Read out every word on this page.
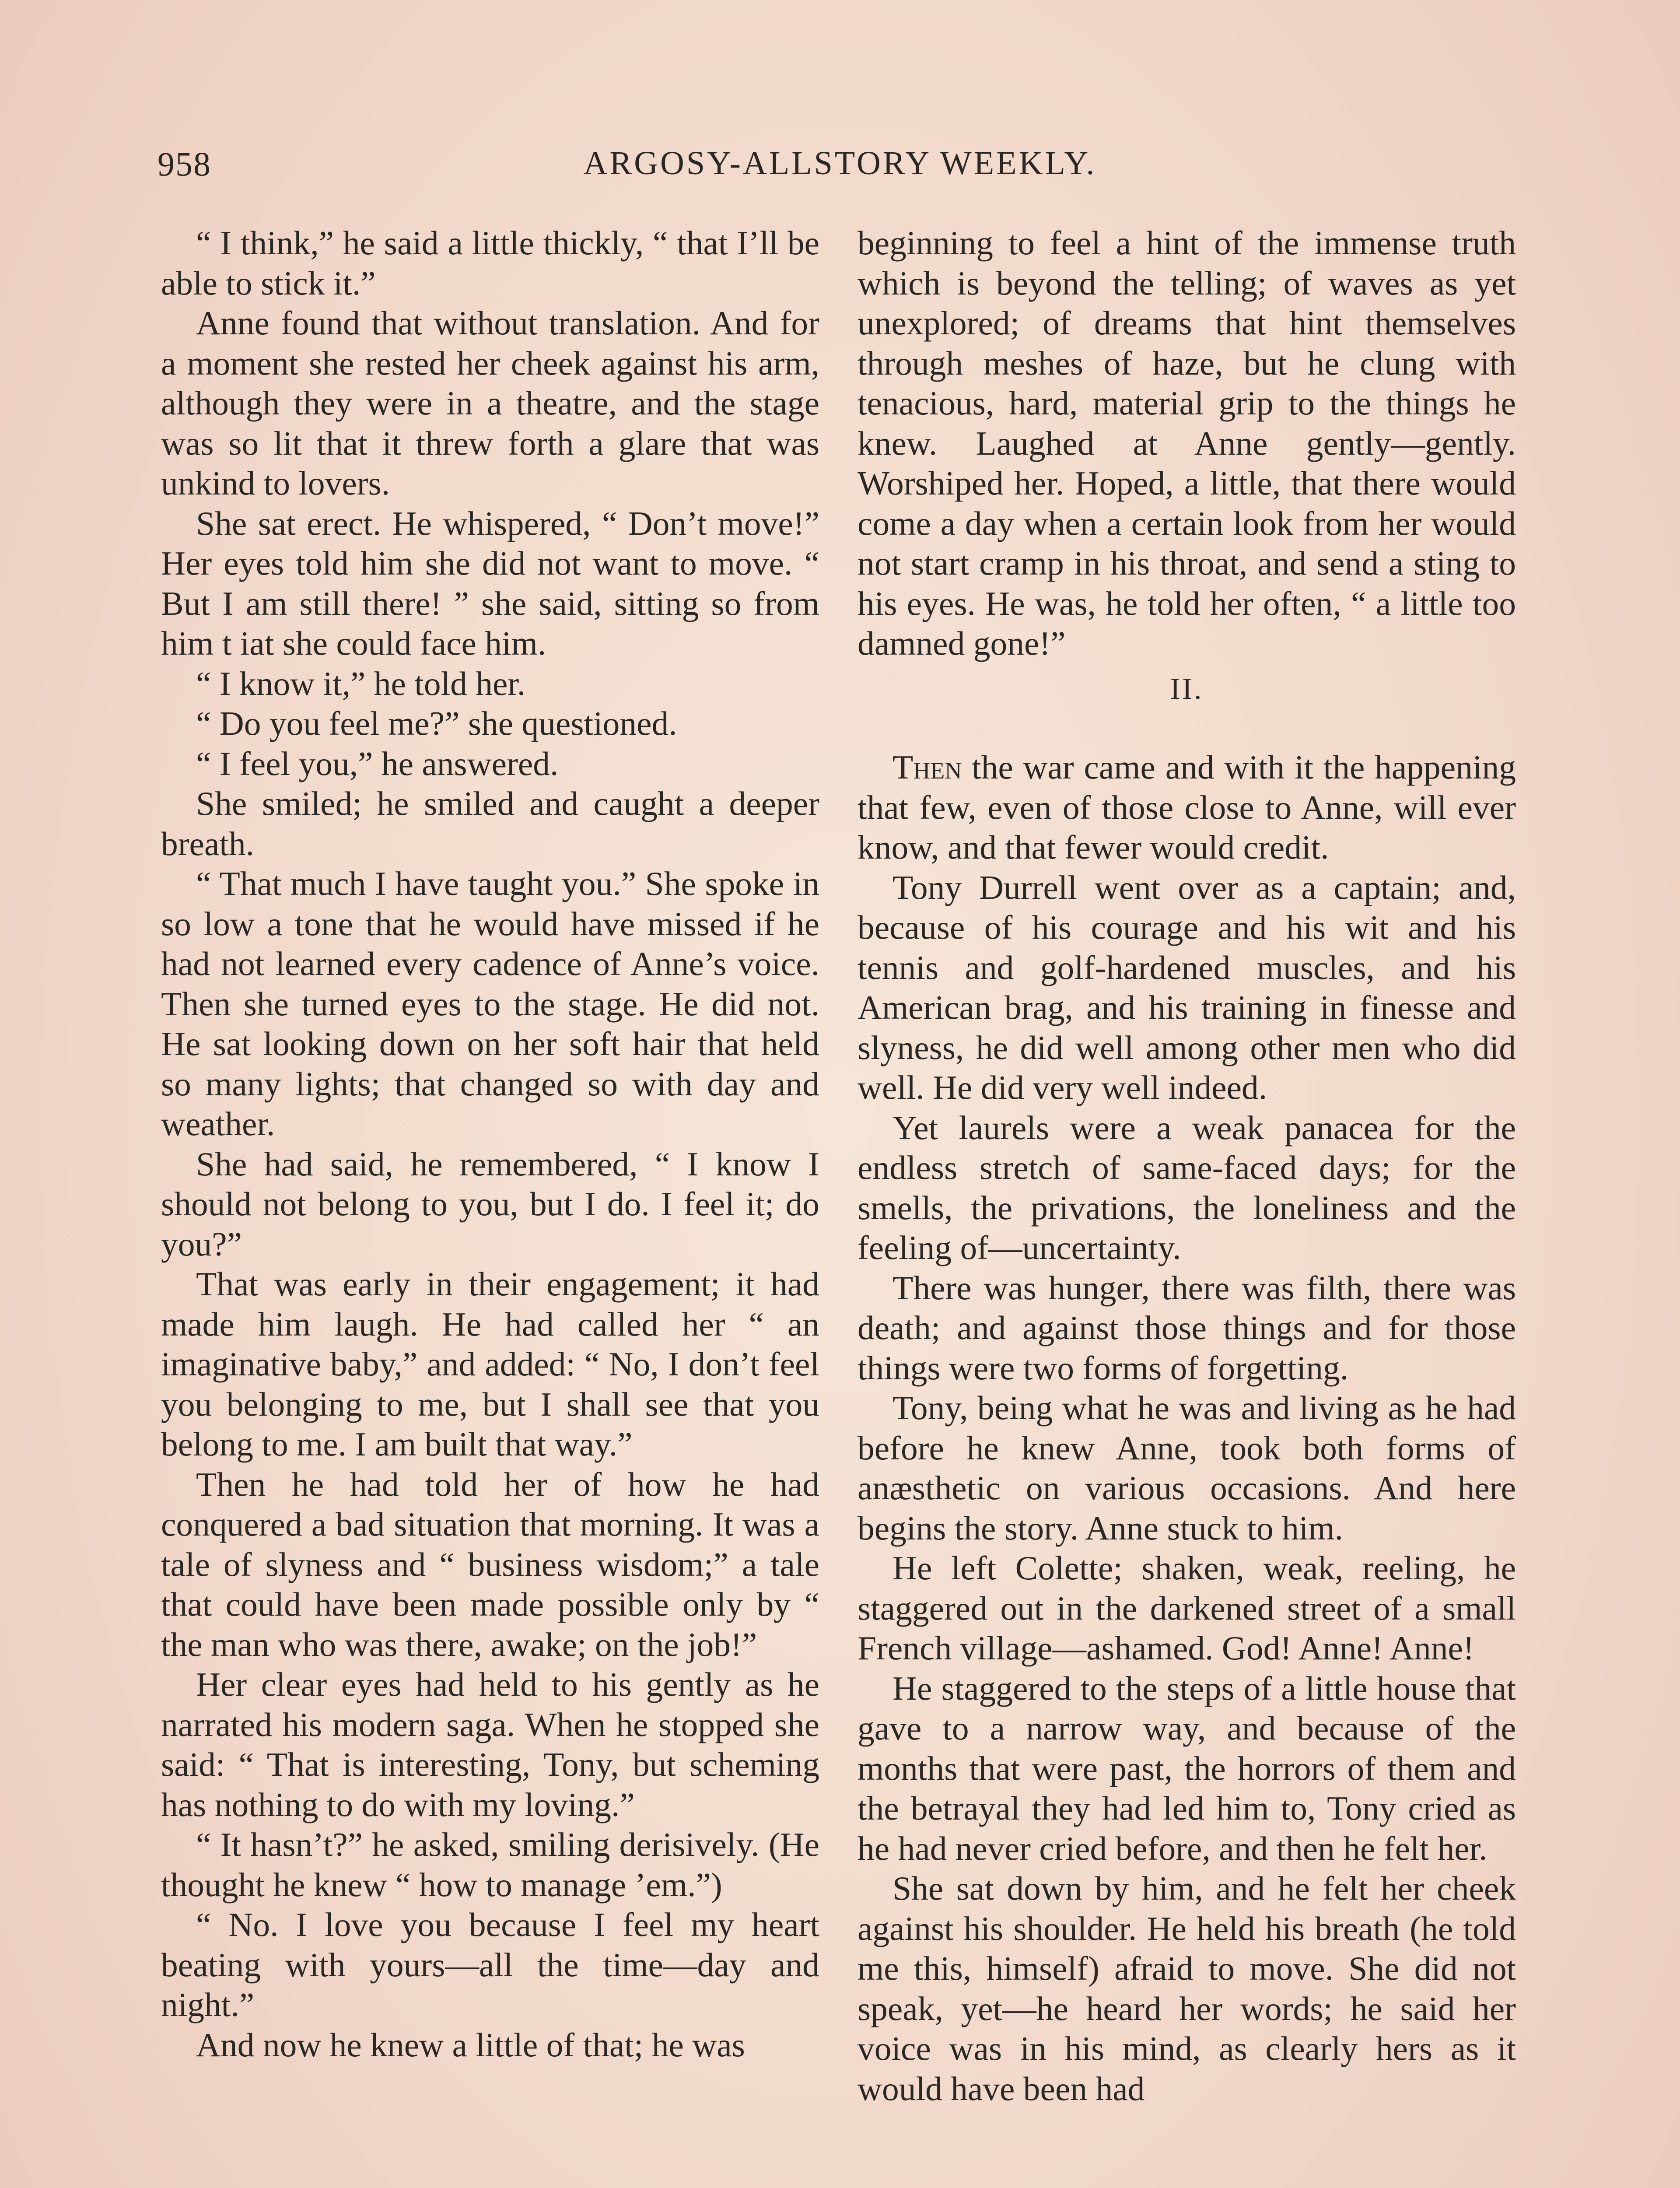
958	ARGOSY-ALLSTORY WEEKLY.

“ I think,” he said a little thickly, “ that I’ll be able to stick it.”

Anne found that without translation. And for a moment she rested her cheek against his arm, although they were in a theatre, and the stage was so lit that it threw forth a glare that was unkind to lovers.

She sat erect. He whispered, “ Don’t move!” Her eyes told him she did not want to move. “ But I am still there! ” she said, sitting so from him t iat she could face him.

“ I know it,” he told her.

“ Do you feel me?” she questioned.

“ I feel you,” he answered.

She smiled; he smiled and caught a deeper breath.

“ That much I have taught you.” She spoke in so low a tone that he would have missed if he had not learned every cadence of Anne’s voice. Then she turned eyes to the stage. He did not. He sat looking down on her soft hair that held so many lights; that changed so with day and weather.

She had said, he remembered, “ I know I should not belong to you, but I do. I feel it; do you?”

That was early in their engagement; it had made him laugh. He had called her “ an imaginative baby,” and added: “ No, I don’t feel you belonging to me, but I shall see that you belong to me. I am built that way.”

Then he had told her of how he had conquered a bad situation that morning. It was a tale of slyness and “ business wisdom;” a tale that could have been made possible only by “ the man who was there, awake; on the job!”

Her clear eyes had held to his gently as he narrated his modern saga. When he stopped she said: “ That is interesting, Tony, but scheming has nothing to do with my loving.”

“ It hasn’t?” he asked, smiling derisively. (He thought he knew “ how to manage ’em.”)

“ No. I love you because I feel my heart beating with yours—all the time—day and night.”

And now he knew a little of that; he was

beginning to feel a hint of the immense truth which is beyond the telling; of waves as yet unexplored; of dreams that hint themselves through meshes of haze, but he clung with tenacious, hard, material grip to the things he knew. Laughed at Anne gently—gently. Worshiped her. Hoped, a little, that there would come a day when a certain look from her would not start cramp in his throat, and send a sting to his eyes. He was, he told her often, “ a little too damned gone!”

II.

Then the war came and with it the happening that few, even of those close to Anne, will ever know, and that fewer would credit.

Tony Durrell went over as a captain; and, because of his courage and his wit and his tennis and golf-hardened muscles, and his American brag, and his training in finesse and slyness, he did well among other men who did well. He did very well indeed.

Yet laurels were a weak panacea for the endless stretch of same-faced days; for the smells, the privations, the loneliness and the feeling of—uncertainty.

There was hunger, there was filth, there was death; and against those things and for those things were two forms of forgetting.

Tony, being what he was and living as he had before he knew Anne, took both forms of anæsthetic on various occasions. And here begins the story. Anne stuck to him.

He left Colette; shaken, weak, reeling, he staggered out in the darkened street of a small French village—ashamed. God! Anne! Anne!

He staggered to the steps of a little house that gave to a narrow way, and because of the months that were past, the horrors of them and the betrayal they had led him to, Tony cried as he had never cried before, and then he felt her.

She sat down by him, and he felt her cheek against his shoulder. He held his breath (he told me this, himself) afraid to move. She did not speak, yet—he heard her words; he said her voice was in his mind, as clearly hers as it would have been had
